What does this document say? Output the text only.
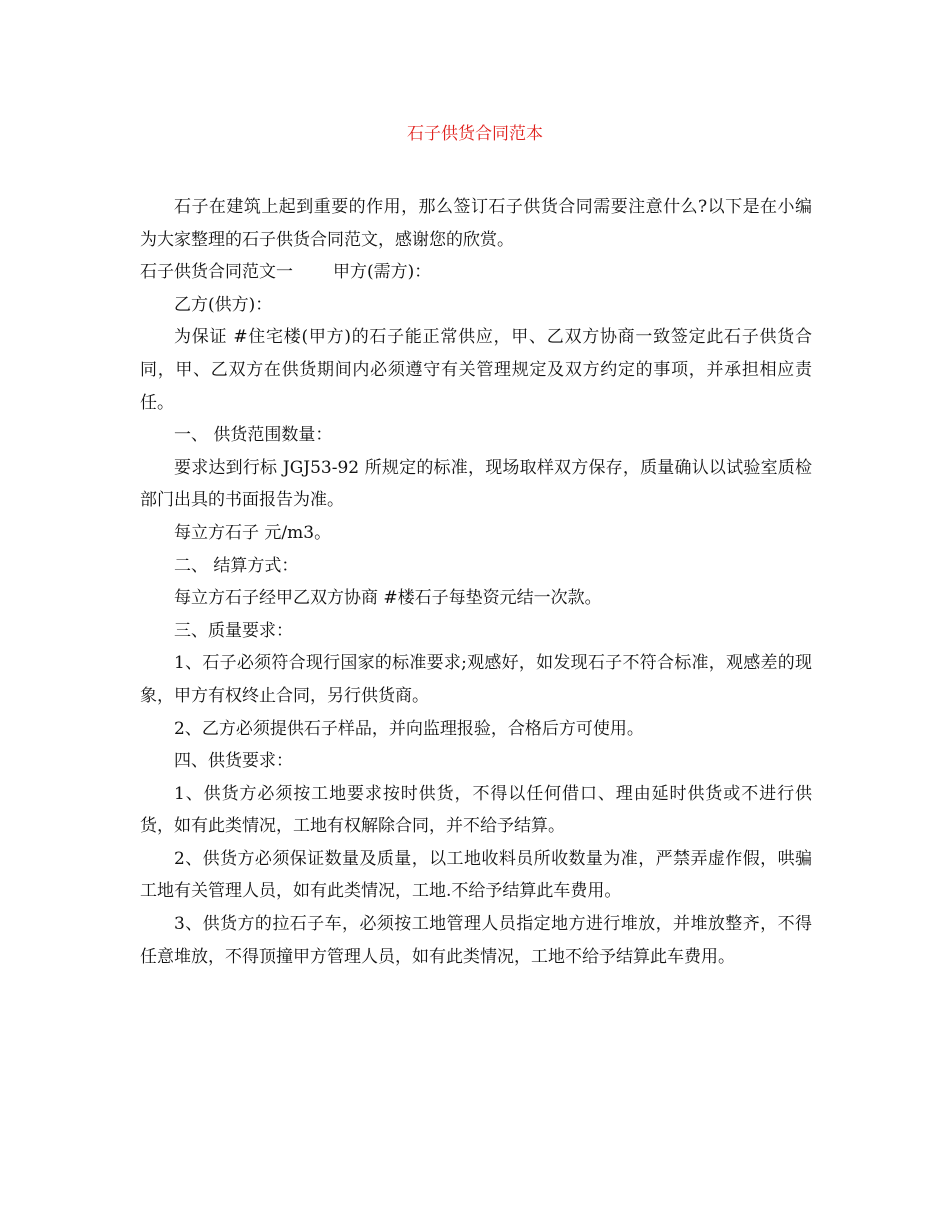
石子供货合同范本

石子在建筑上起到重要的作用，那么签订石子供货合同需要注意什么?以下是在小编为大家整理的石子供货合同范文，感谢您的欣赏。

石子供货合同范文一 甲方(需方)：

乙方(供方)：

为保证 #住宅楼(甲方)的石子能正常供应，甲、乙双方协商一致签定此石子供货合同，甲、乙双方在供货期间内必须遵守有关管理规定及双方约定的事项，并承担相应责任。

一、 供货范围数量：

要求达到行标 JGJ53-92 所规定的标准，现场取样双方保存，质量确认以试验室质检部门出具的书面报告为准。

每立方石子 元/m3。

二、 结算方式：

每立方石子经甲乙双方协商 #楼石子每垫资元结一次款。

三、质量要求：

1、石子必须符合现行国家的标准要求;观感好，如发现石子不符合标准，观感差的现象，甲方有权终止合同，另行供货商。

2、乙方必须提供石子样品，并向监理报验，合格后方可使用。

四、供货要求：

1、供货方必须按工地要求按时供货，不得以任何借口、理由延时供货或不进行供货，如有此类情况，工地有权解除合同，并不给予结算。

2、供货方必须保证数量及质量，以工地收料员所收数量为准，严禁弄虚作假，哄骗工地有关管理人员，如有此类情况，工地.不给予结算此车费用。

3、供货方的拉石子车，必须按工地管理人员指定地方进行堆放，并堆放整齐，不得任意堆放，不得顶撞甲方管理人员，如有此类情况，工地不给予结算此车费用。
